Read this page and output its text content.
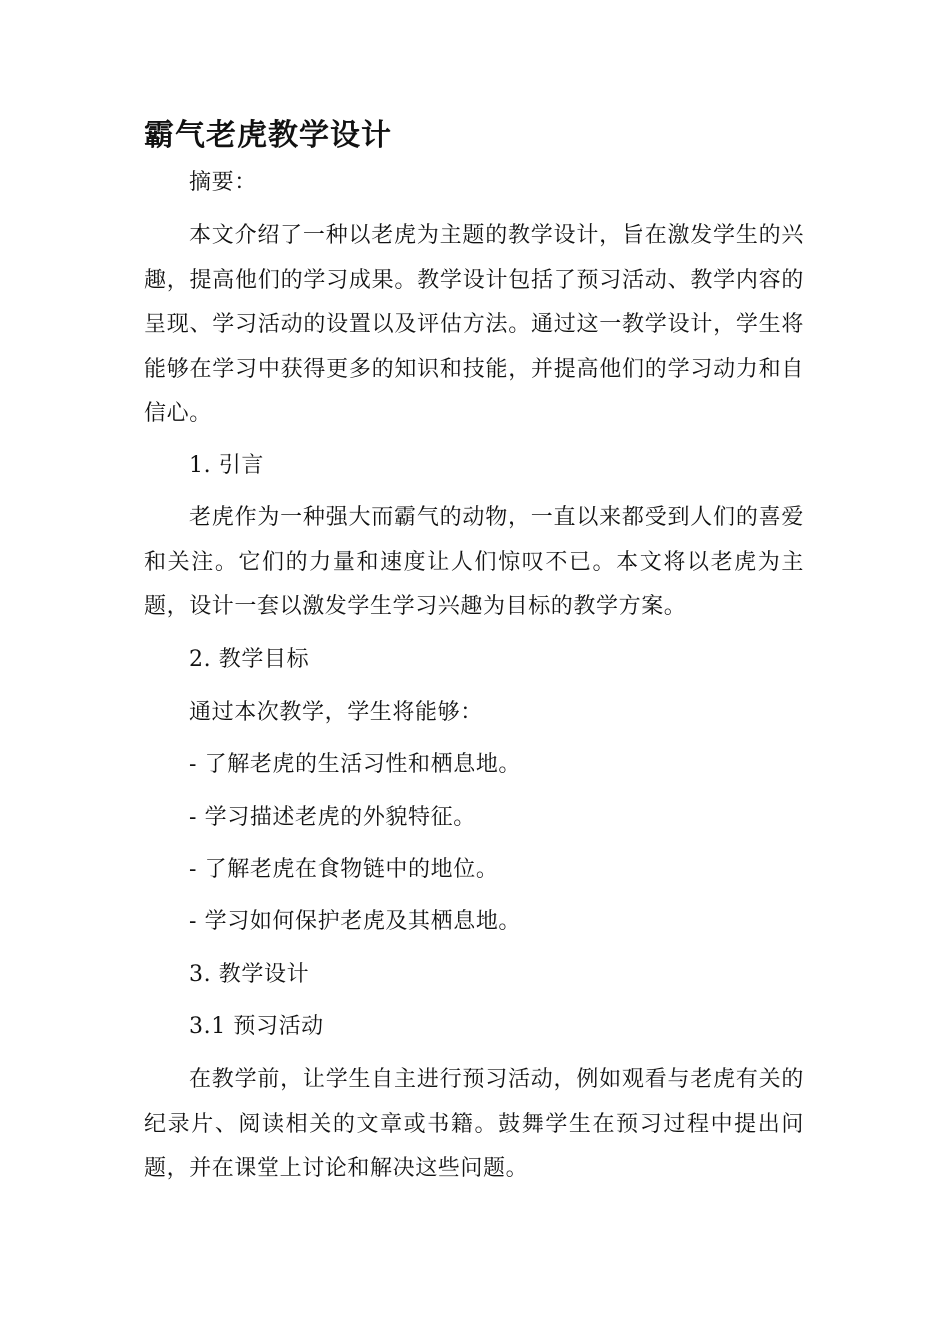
霸气老虎教学设计

摘要：

本文介绍了一种以老虎为主题的教学设计，旨在激发学生的兴趣，提高他们的学习成果。教学设计包括了预习活动、教学内容的呈现、学习活动的设置以及评估方法。通过这一教学设计，学生将能够在学习中获得更多的知识和技能，并提高他们的学习动力和自信心。

1. 引言

老虎作为一种强大而霸气的动物，一直以来都受到人们的喜爱和关注。它们的力量和速度让人们惊叹不已。本文将以老虎为主题，设计一套以激发学生学习兴趣为目标的教学方案。

2. 教学目标

通过本次教学，学生将能够：

- 了解老虎的生活习性和栖息地。

- 学习描述老虎的外貌特征。

- 了解老虎在食物链中的地位。

- 学习如何保护老虎及其栖息地。

3. 教学设计

3.1 预习活动

在教学前，让学生自主进行预习活动，例如观看与老虎有关的纪录片、阅读相关的文章或书籍。鼓舞学生在预习过程中提出问题，并在课堂上讨论和解决这些问题。
